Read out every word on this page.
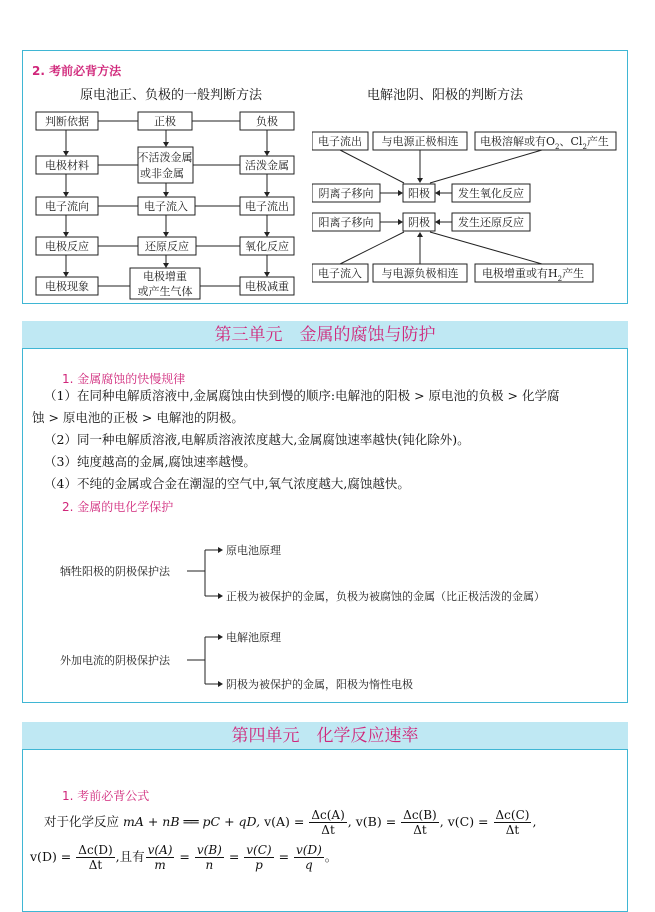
2. 考前必背方法
原电池正、负极的一般判断方法	电解池阴、阳极的判断方法
判断依据	正极	负极
电极材料
不活泼金属
或非金属
活泼金属
电子流向	电子流入	电子流出
电极反应	还原反应	氧化反应
电极现象
电极增重
或产生气体	电极减重
电子流出 与电源正极相连 电极溶解或有$O_2$、$Cl_2$产生
阴离子移向	阳极	发生氧化反应
阳离子移向	阴极	发生还原反应
电子流入 与电源负极相连 电极增重或有$H_2$产生
第三单元　金属的腐蚀与防护
1. 金属腐蚀的快慢规律
（1）在同种电解质溶液中,金属腐蚀由快到慢的顺序:电解池的阳极 > 原电池的负极 > 化学腐
蚀 > 原电池的正极 > 电解池的阴极。
（2）同一种电解质溶液,电解质溶液浓度越大,金属腐蚀速率越快(钝化除外)。
（3）纯度越高的金属,腐蚀速率越慢。
（4）不纯的金属或合金在潮湿的空气中,氧气浓度越大,腐蚀越快。
2. 金属的电化学保护
牺牲阳极的阴极保护法
原电池原理
正极为被保护的金属，负极为被腐蚀的金属（比正极活泼的金属）
外加电流的阴极保护法
电解池原理
阴极为被保护的金属，阳极为惰性电极
第四单元　化学反应速率
1. 考前必背公式
对于化学反应 mA + nB ══ pC + qD, $v(A) = \frac{\Delta c(A)}{\Delta t}$ , $v(B) = \frac{\Delta c(B)}{\Delta t}$ , $v(C) = \frac{\Delta c(C)}{\Delta t}$ ,
$v(D) = \frac{\Delta c(D)}{\Delta t}$ ,且有 $\frac{v(A)}{m} = \frac{v(B)}{n} = \frac{v(C)}{p} = \frac{v(D)}{q}$ 。
